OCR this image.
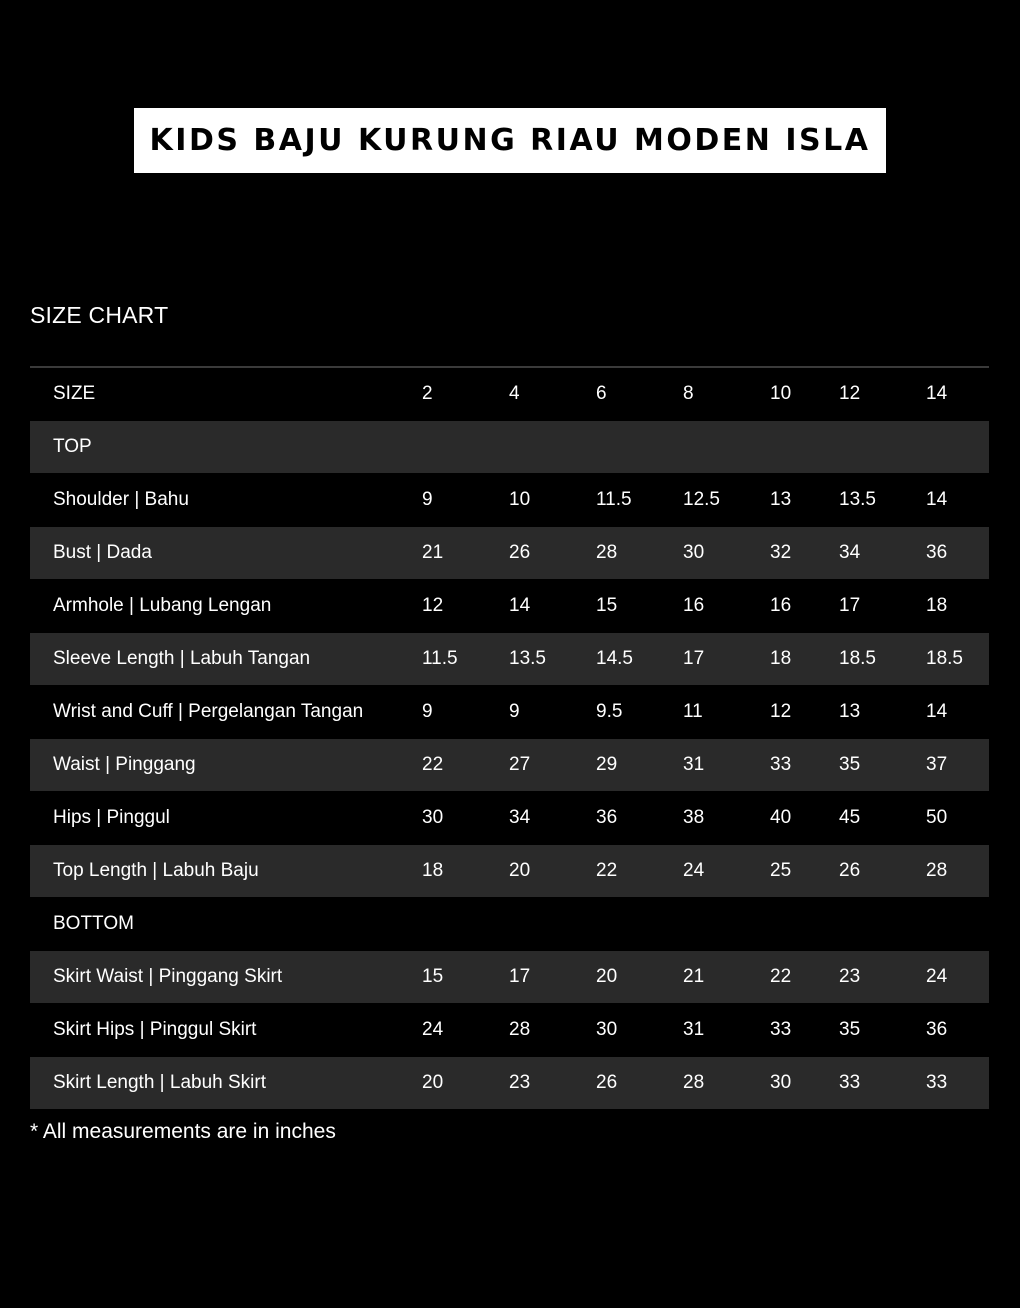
KIDS BAJU KURUNG RIAU MODEN ISLA
SIZE CHART
SIZE	2	4	6	8	10	12	14
TOP
Shoulder | Bahu	9	10	11.5	12.5	13	13.5	14
Bust | Dada	21	26	28	30	32	34	36
Armhole | Lubang Lengan	12	14	15	16	16	17	18
Sleeve Length | Labuh Tangan	11.5	13.5	14.5	17	18	18.5	18.5
Wrist and Cuff | Pergelangan Tangan	9	9	9.5	11	12	13	14
Waist | Pinggang	22	27	29	31	33	35	37
Hips | Pinggul	30	34	36	38	40	45	50
Top Length | Labuh Baju	18	20	22	24	25	26	28
BOTTOM
Skirt Waist | Pinggang Skirt	15	17	20	21	22	23	24
Skirt Hips | Pinggul Skirt	24	28	30	31	33	35	36
Skirt Length | Labuh Skirt	20	23	26	28	30	33	33
* All measurements are in inches
